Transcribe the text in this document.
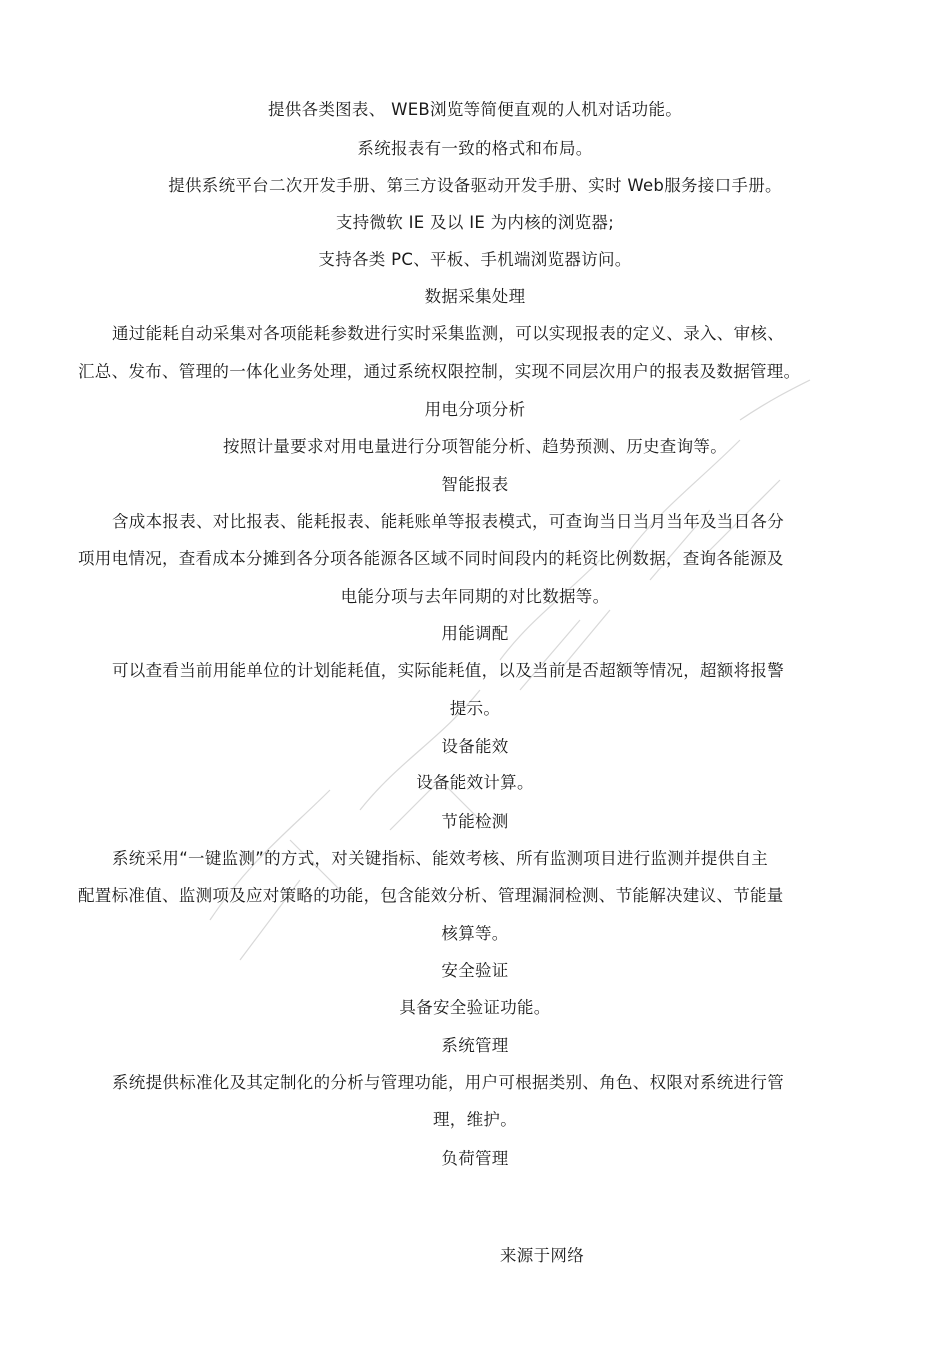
提供各类图表、 WEB浏览等简便直观的人机对话功能。
系统报表有一致的格式和布局。
提供系统平台二次开发手册、第三方设备驱动开发手册、实时 Web服务接口手册。
支持微软 IE 及以 IE 为内核的浏览器;
支持各类 PC、平板、手机端浏览器访问。
数据采集处理
通过能耗自动采集对各项能耗参数进行实时采集监测，可以实现报表的定义、录入、审核、
汇总、发布、管理的一体化业务处理，通过系统权限控制，实现不同层次用户的报表及数据管理。
用电分项分析
按照计量要求对用电量进行分项智能分析、趋势预测、历史查询等。
智能报表
含成本报表、对比报表、能耗报表、能耗账单等报表模式，可查询当日当月当年及当日各分
项用电情况，查看成本分摊到各分项各能源各区域不同时间段内的耗资比例数据，查询各能源及
电能分项与去年同期的对比数据等。
用能调配
可以查看当前用能单位的计划能耗值，实际能耗值，以及当前是否超额等情况，超额将报警
提示。
设备能效
设备能效计算。
节能检测
系统采用“一键监测”的方式，对关键指标、能效考核、所有监测项目进行监测并提供自主
配置标准值、监测项及应对策略的功能，包含能效分析、管理漏洞检测、节能解决建议、节能量
核算等。
安全验证
具备安全验证功能。
系统管理
系统提供标准化及其定制化的分析与管理功能，用户可根据类别、角色、权限对系统进行管
理，维护。
负荷管理
来源于网络
